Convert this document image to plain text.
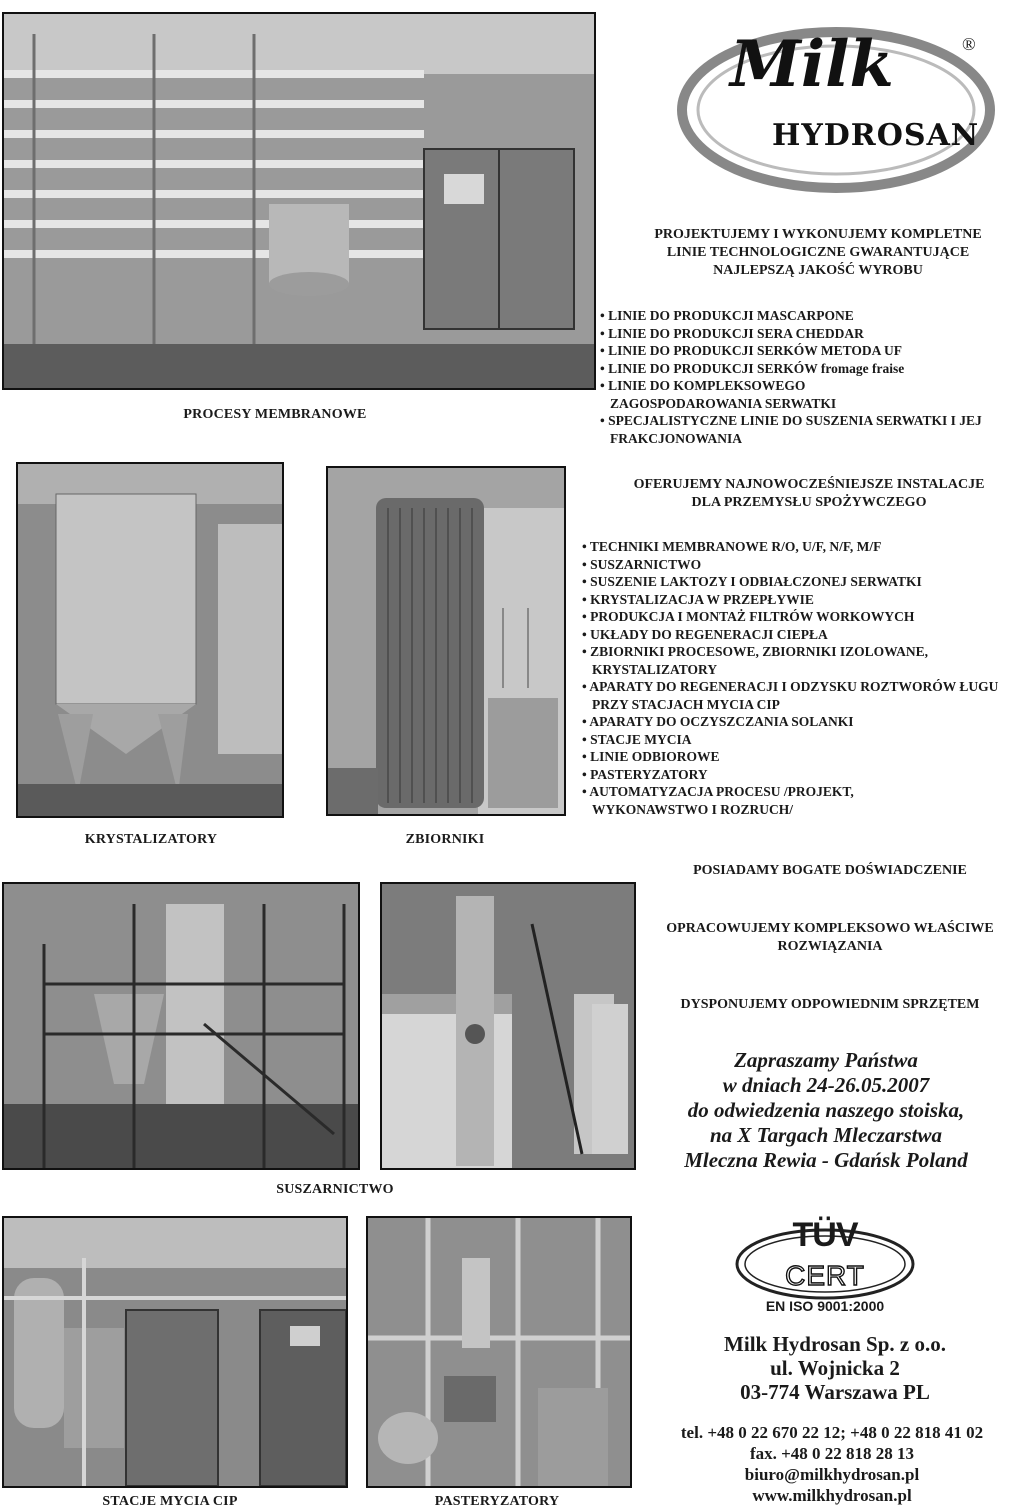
PROCESY MEMBRANOWE
Milk
HYDROSAN
®
PROJEKTUJEMY I WYKONUJEMY KOMPLETNE
LINIE TECHNOLOGICZNE GWARANTUJĄCE
NAJLEPSZĄ JAKOŚĆ WYROBU
• LINIE DO PRODUKCJI MASCARPONE
• LINIE DO PRODUKCJI SERA CHEDDAR
• LINIE DO PRODUKCJI SERKÓW METODA UF
• LINIE DO PRODUKCJI SERKÓW fromage fraise
• LINIE DO KOMPLEKSOWEGO ZAGOSPODAROWANIA SERWATKI
• SPECJALISTYCZNE LINIE DO SUSZENIA SERWATKI I JEJ FRAKCJONOWANIA
KRYSTALIZATORY	ZBIORNIKI
OFERUJEMY NAJNOWOCZEŚNIEJSZE INSTALACJE
DLA PRZEMYSŁU SPOŻYWCZEGO
• TECHNIKI MEMBRANOWE R/O, U/F, N/F, M/F
• SUSZARNICTWO
• SUSZENIE LAKTOZY I ODBIAŁCZONEJ SERWATKI
• KRYSTALIZACJA W PRZEPŁYWIE
• PRODUKCJA I MONTAŻ FILTRÓW WORKOWYCH
• UKŁADY DO REGENERACJI CIEPŁA
• ZBIORNIKI PROCESOWE, ZBIORNIKI IZOLOWANE, KRYSTALIZATORY
• APARATY DO REGENERACJI I ODZYSKU ROZTWORÓW ŁUGU PRZY STACJACH MYCIA CIP
• APARATY DO OCZYSZCZANIA SOLANKI
• STACJE MYCIA
• LINIE ODBIOROWE
• PASTERYZATORY
• AUTOMATYZACJA PROCESU /PROJEKT, WYKONAWSTWO I ROZRUCH/
POSIADAMY BOGATE DOŚWIADCZENIE
OPRACOWUJEMY KOMPLEKSOWO WŁAŚCIWE ROZWIĄZANIA
DYSPONUJEMY ODPOWIEDNIM SPRZĘTEM
SUSZARNICTWO
Zapraszamy Państwa
w dniach 24-26.05.2007
do odwiedzenia naszego stoiska,
na X Targach Mleczarstwa
Mleczna Rewia - Gdańsk Poland
STACJE MYCIA CIP	PASTERYZATORY
TÜV
CERT
EN ISO 9001:2000
Milk Hydrosan Sp. z o.o.
ul. Wojnicka 2
03-774 Warszawa PL
tel. +48 0 22 670 22 12; +48 0 22 818 41 02
fax. +48 0 22 818 28 13
biuro@milkhydrosan.pl
www.milkhydrosan.pl
